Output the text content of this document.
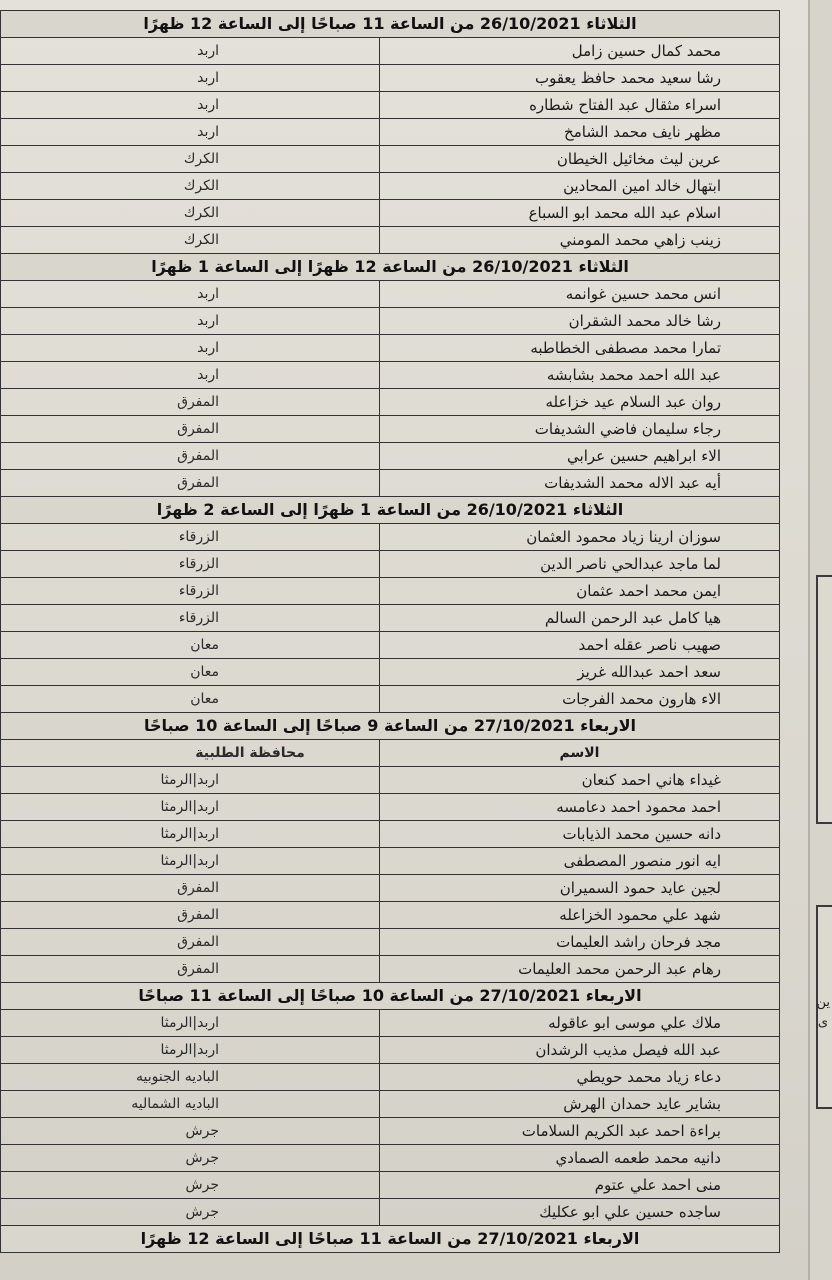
ين
ى
الثلاثاء 26/10/2021 من الساعة 11 صباحًا إلى الساعة 12 ظهرًا
محمد كمال حسين زامل
اربد
رشا سعيد محمد حافظ يعقوب
اربد
اسراء مثقال عبد الفتاح شطاره
اربد
مظهر نايف محمد الشامخ
اربد
عرين ليث مخائيل الخيطان
الكرك
ابتهال خالد امين المحادين
الكرك
اسلام عبد الله محمد ابو السباع
الكرك
زينب زاهي محمد المومني
الكرك
الثلاثاء 26/10/2021 من الساعة 12 ظهرًا إلى الساعة 1 ظهرًا
انس محمد حسين غوانمه
اربد
رشا خالد محمد الشقران
اربد
تمارا محمد مصطفى الخطاطبه
اربد
عبد الله احمد محمد بشابشه
اربد
روان عبد السلام عيد خزاعله
المفرق
رجاء سليمان فاضي الشديفات
المفرق
الاء ابراهيم حسين عرابي
المفرق
أيه عبد الاله محمد الشديفات
المفرق
الثلاثاء 26/10/2021 من الساعة 1 ظهرًا إلى الساعة 2 ظهرًا
سوزان ارينا زياد محمود العثمان
الزرقاء
لما ماجد عبدالحي ناصر الدين
الزرقاء
ايمن محمد احمد عثمان
الزرقاء
هيا كامل عبد الرحمن السالم
الزرقاء
صهيب ناصر عقله احمد
معان
سعد احمد عبدالله غريز
معان
الاء هارون محمد الفرجات
معان
الاربعاء 27/10/2021 من الساعة 9 صباحًا إلى الساعة 10 صباحًا
الاسم
محافظة الطلبية
غيداء هاني احمد كنعان
اربد|الرمثا
احمد محمود احمد دعامسه
اربد|الرمثا
دانه حسين محمد الذيابات
اربد|الرمثا
ايه انور منصور المصطفى
اربد|الرمثا
لجين عايد حمود السميران
المفرق
شهد علي محمود الخزاعله
المفرق
مجد فرحان راشد العليمات
المفرق
رهام عبد الرحمن محمد العليمات
المفرق
الاربعاء 27/10/2021 من الساعة 10 صباحًا إلى الساعة 11 صباحًا
ملاك علي موسى ابو عاقوله
اربد|الرمثا
عبد الله فيصل مذيب الرشدان
اربد|الرمثا
دعاء زياد محمد حويطي
الباديه الجنوبيه
بشاير عايد حمدان الهرش
الباديه الشماليه
براءة احمد عبد الكريم السلامات
جرش
دانيه محمد طعمه الصمادي
جرش
منى احمد علي عتوم
جرش
ساجده حسين علي ابو عكليك
جرش
الاربعاء 27/10/2021 من الساعة 11 صباحًا إلى الساعة 12 ظهرًا
